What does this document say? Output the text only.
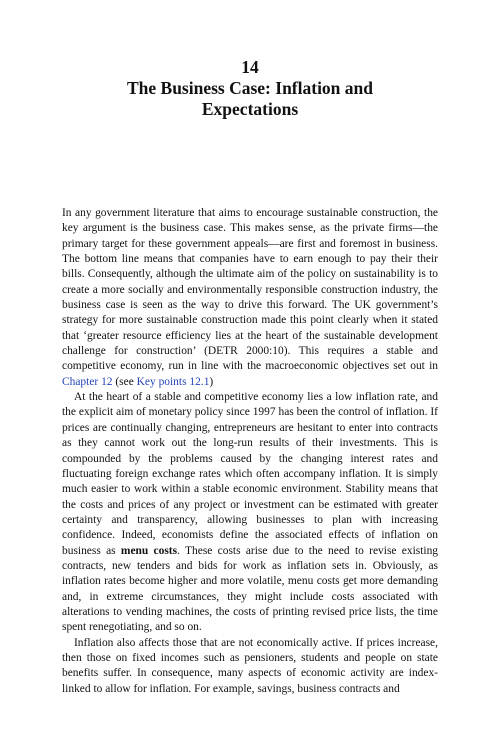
14
The Business Case: Inflation and
Expectations

In any government literature that aims to encourage sustainable construction, the key argument is the business case. This makes sense, as the private firms—the primary target for these government appeals—are first and foremost in business. The bottom line means that companies have to earn enough to pay their their bills. Consequently, although the ultimate aim of the policy on sustainability is to create a more socially and environmentally responsible construction industry, the business case is seen as the way to drive this forward. The UK government’s strategy for more sustainable construction made this point clearly when it stated that ‘greater resource efficiency lies at the heart of the sustainable development challenge for construction’ (DETR 2000:10). This requires a stable and competitive economy, run in line with the macroeconomic objectives set out in Chapter 12 (see Key points 12.1)

At the heart of a stable and competitive economy lies a low inflation rate, and the explicit aim of monetary policy since 1997 has been the control of inflation. If prices are continually changing, entrepreneurs are hesitant to enter into contracts as they cannot work out the long-run results of their investments. This is compounded by the problems caused by the changing interest rates and fluctuating foreign exchange rates which often accompany inflation. It is simply much easier to work within a stable economic environment. Stability means that the costs and prices of any project or investment can be estimated with greater certainty and transparency, allowing businesses to plan with increasing confidence. Indeed, economists define the associated effects of inflation on business as menu costs. These costs arise due to the need to revise existing contracts, new tenders and bids for work as inflation sets in. Obviously, as inflation rates become higher and more volatile, menu costs get more demanding and, in extreme circumstances, they might include costs associated with alterations to vending machines, the costs of printing revised price lists, the time spent renegotiating, and so on.

Inflation also affects those that are not economically active. If prices increase, then those on fixed incomes such as pensioners, students and people on state benefits suffer. In consequence, many aspects of economic activity are index-linked to allow for inflation. For example, savings, business contracts and
